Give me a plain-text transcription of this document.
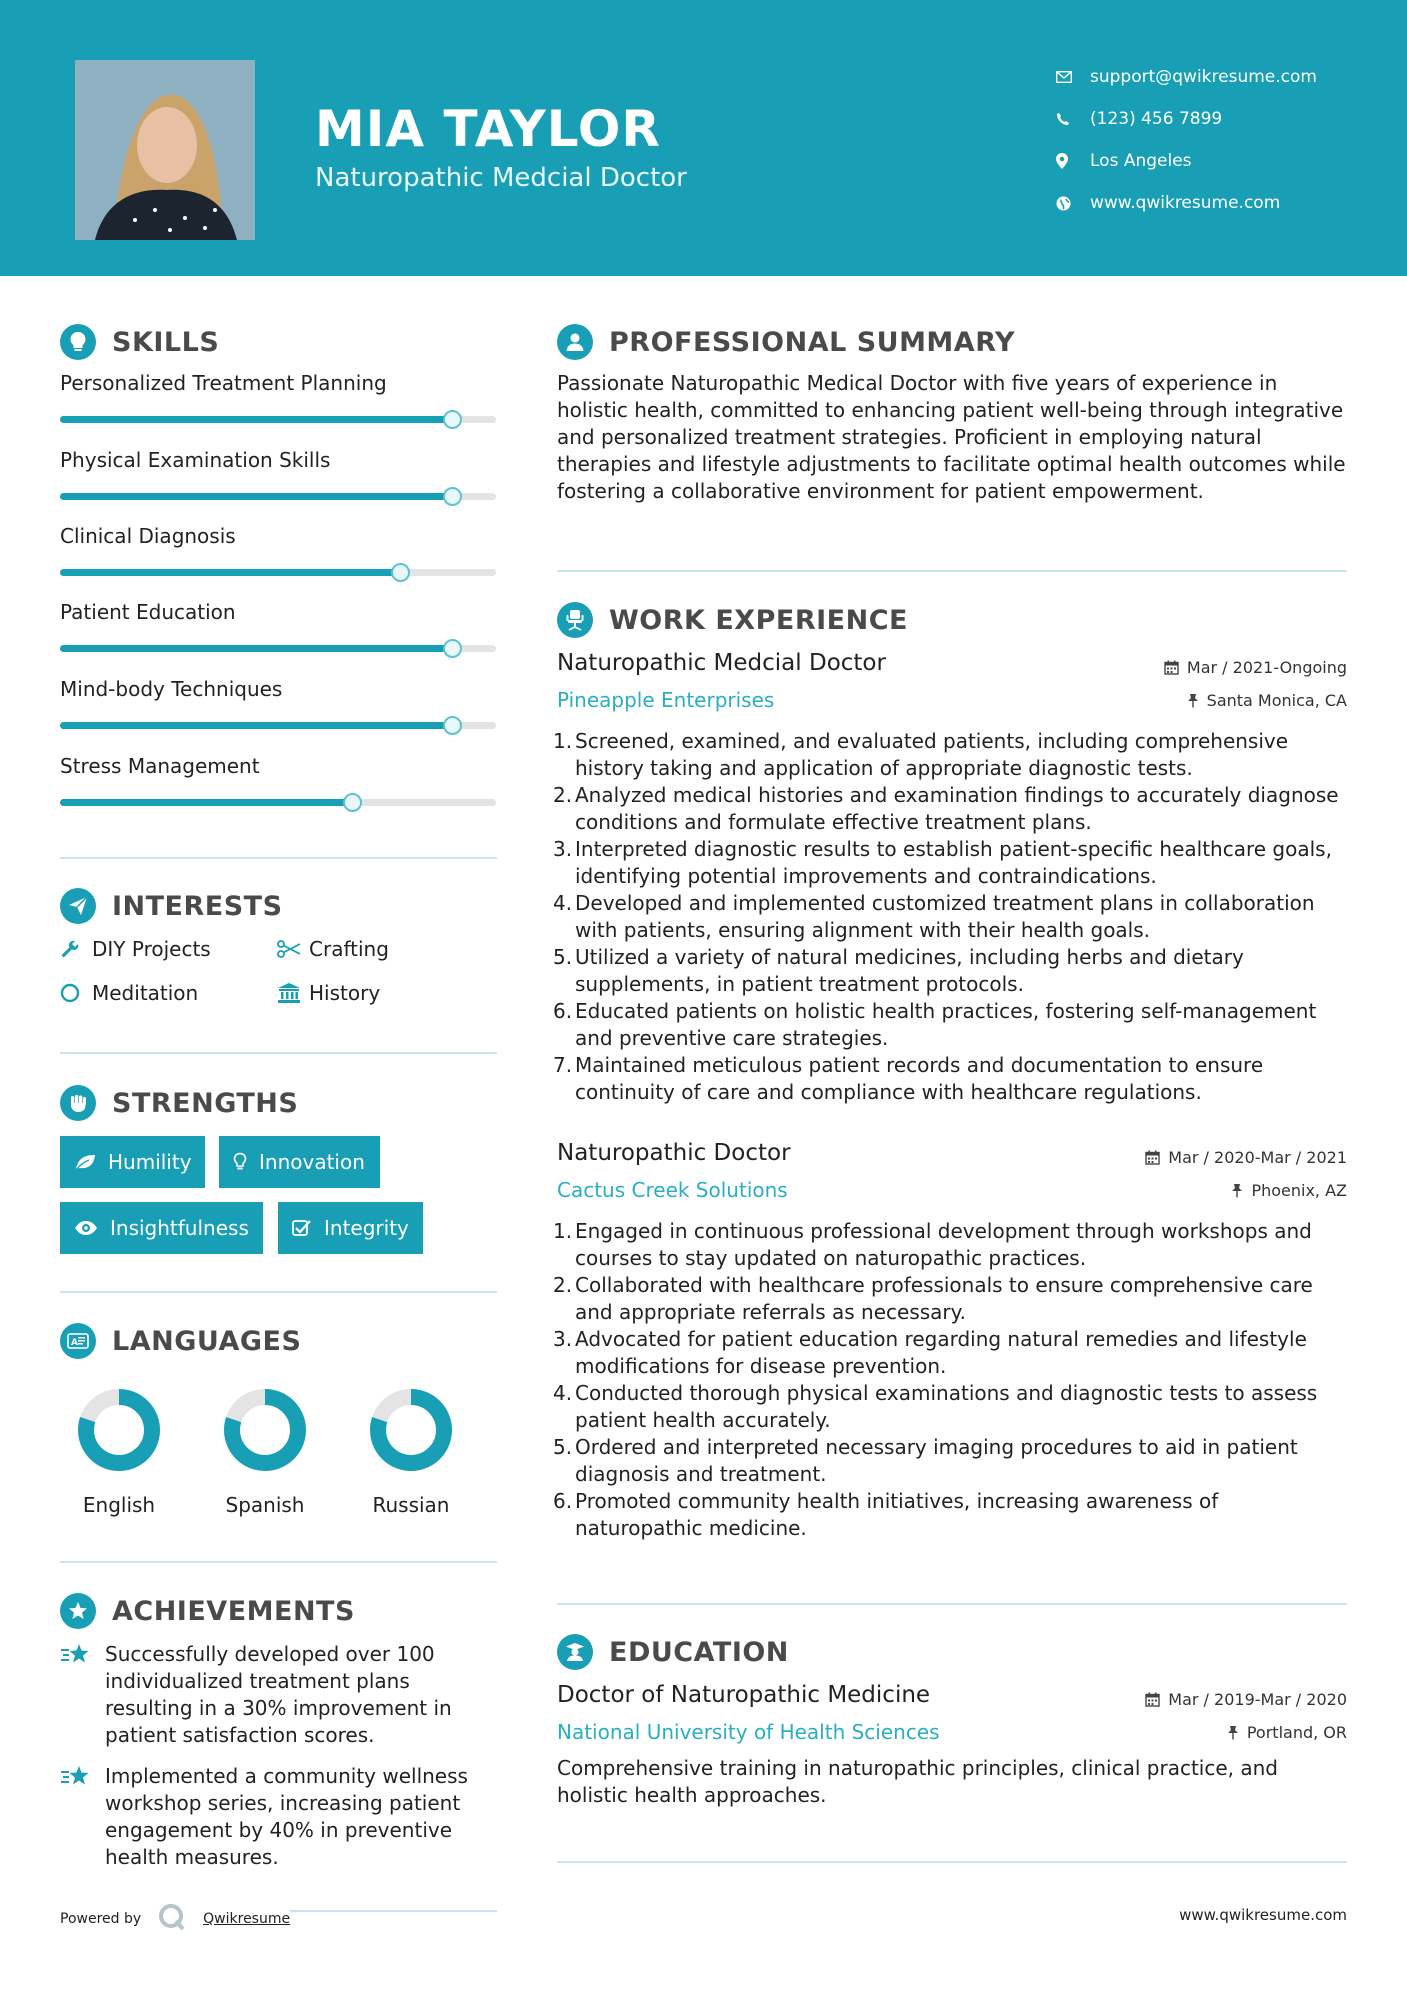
MIA TAYLOR
Naturopathic Medcial Doctor
support@qwikresume.com
(123) 456 7899
Los Angeles
www.qwikresume.com
SKILLS
Personalized Treatment Planning
Physical Examination Skills
Clinical Diagnosis
Patient Education
Mind-body Techniques
Stress Management
INTERESTS
DIY Projects	Crafting
Meditation	History
STRENGTHS
Humility	Innovation
Insightfulness	Integrity
A LANGUAGES
English	Spanish	Russian
ACHIEVEMENTS
Successfully developed over 100 individualized treatment plans resulting in a 30% improvement in patient satisfaction scores.
Implemented a community wellness workshop series, increasing patient engagement by 40% in preventive health measures.
PROFESSIONAL SUMMARY
Passionate Naturopathic Medical Doctor with five years of experience in holistic health, committed to enhancing patient well-being through integrative and personalized treatment strategies. Proficient in employing natural therapies and lifestyle adjustments to facilitate optimal health outcomes while fostering a collaborative environment for patient empowerment.
WORK EXPERIENCE
Naturopathic Medcial Doctor	Mar / 2021-Ongoing
Pineapple Enterprises	Santa Monica, CA
1. Screened, examined, and evaluated patients, including comprehensive history taking and application of appropriate diagnostic tests.
2. Analyzed medical histories and examination findings to accurately diagnose conditions and formulate effective treatment plans.
3. Interpreted diagnostic results to establish patient-specific healthcare goals, identifying potential improvements and contraindications.
4. Developed and implemented customized treatment plans in collaboration with patients, ensuring alignment with their health goals.
5. Utilized a variety of natural medicines, including herbs and dietary supplements, in patient treatment protocols.
6. Educated patients on holistic health practices, fostering self-management and preventive care strategies.
7. Maintained meticulous patient records and documentation to ensure continuity of care and compliance with healthcare regulations.
Naturopathic Doctor	Mar / 2020-Mar / 2021
Cactus Creek Solutions	Phoenix, AZ
1. Engaged in continuous professional development through workshops and courses to stay updated on naturopathic practices.
2. Collaborated with healthcare professionals to ensure comprehensive care and appropriate referrals as necessary.
3. Advocated for patient education regarding natural remedies and lifestyle modifications for disease prevention.
4. Conducted thorough physical examinations and diagnostic tests to assess patient health accurately.
5. Ordered and interpreted necessary imaging procedures to aid in patient diagnosis and treatment.
6. Promoted community health initiatives, increasing awareness of naturopathic medicine.
EDUCATION
Doctor of Naturopathic Medicine	Mar / 2019-Mar / 2020
National University of Health Sciences	Portland, OR
Comprehensive training in naturopathic principles, clinical practice, and holistic health approaches.
Powered by	Qwikresume	www.qwikresume.com
